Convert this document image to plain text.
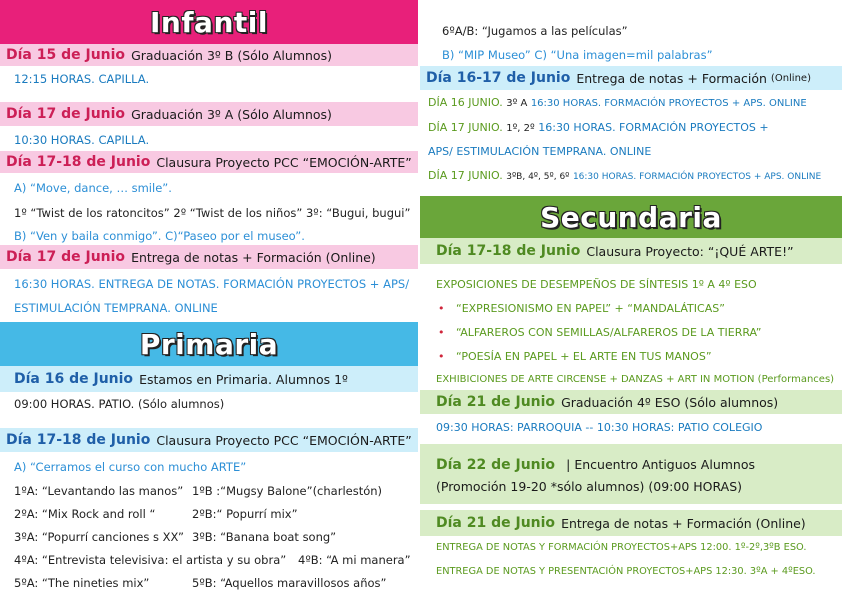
Infantil
Día 15 de Junio Graduación 3º B (Sólo Alumnos)
12:15 HORAS. CAPILLA.
Día 17 de Junio Graduación 3º A (Sólo Alumnos)
10:30 HORAS. CAPILLA.
Día 17-18 de Junio Clausura Proyecto PCC “EMOCIÓN-ARTE”
A) “Move, dance, … smile”.
1º “Twist de los ratoncitos” 2º “Twist de los niños” 3º: “Bugui, bugui”
B) “Ven y baila conmigo”. C)“Paseo por el museo”.
Día 17 de Junio Entrega de notas + Formación (Online)
16:30 HORAS. ENTREGA DE NOTAS. FORMACIÓN PROYECTOS + APS/
ESTIMULACIÓN TEMPRANA. ONLINE
Primaria
Día 16 de Junio Estamos en Primaria. Alumnos 1º
09:00 HORAS. PATIO. (Sólo alumnos)
Día 17-18 de Junio Clausura Proyecto PCC “EMOCIÓN-ARTE”
A) “Cerramos el curso con mucho ARTE”
1ºA: “Levantando las manos” 1ºB :“Mugsy Balone”(charlestón)
2ºA: “Mix Rock and roll “	2ºB:“ Popurrí mix”
3ºA: “Popurrí canciones s XX” 3ºB: “Banana boat song”
4ºA: “Entrevista televisiva: el artista y su obra” 4ºB: “A mi manera”
5ºA: “The nineties mix”	5ºB: “Aquellos maravillosos años”
6ºA/B: “Jugamos a las películas”
B) “MIP Museo” C) “Una imagen=mil palabras”
Día 16-17 de Junio Entrega de notas + Formación (Online)
DÍA 16 JUNIO. 3º A 16:30 HORAS. FORMACIÓN PROYECTOS + APS. ONLINE
DÍA 17 JUNIO. 1º, 2º 16:30 HORAS. FORMACIÓN PROYECTOS +
APS/ ESTIMULACIÓN TEMPRANA. ONLINE
DÍA 17 JUNIO. 3ºB, 4º, 5º, 6º 16:30 HORAS. FORMACIÓN PROYECTOS + APS. ONLINE
Secundaria
Día 17-18 de Junio Clausura Proyecto: “¡QUÉ ARTE!”
EXPOSICIONES DE DESEMPEÑOS DE SÍNTESIS 1º A 4º ESO
• “EXPRESIONISMO EN PAPEL” + “MANDALÁTICAS”
• “ALFAREROS CON SEMILLAS/ALFAREROS DE LA TIERRA”
• “POESÍA EN PAPEL + EL ARTE EN TUS MANOS”
EXHIBICIONES DE ARTE CIRCENSE + DANZAS + ART IN MOTION (Performances)
Día 21 de Junio Graduación 4º ESO (Sólo alumnos)
09:30 HORAS: PARROQUIA -- 10:30 HORAS: PATIO COLEGIO
Día 22 de Junio | Encuentro Antiguos Alumnos
(Promoción 19-20 *sólo alumnos) (09:00 HORAS)
Día 21 de Junio Entrega de notas + Formación (Online)
ENTREGA DE NOTAS Y FORMACIÓN PROYECTOS+APS 12:00. 1º-2º,3ºB ESO.
ENTREGA DE NOTAS Y PRESENTACIÓN PROYECTOS+APS 12:30. 3ºA + 4ºESO.
